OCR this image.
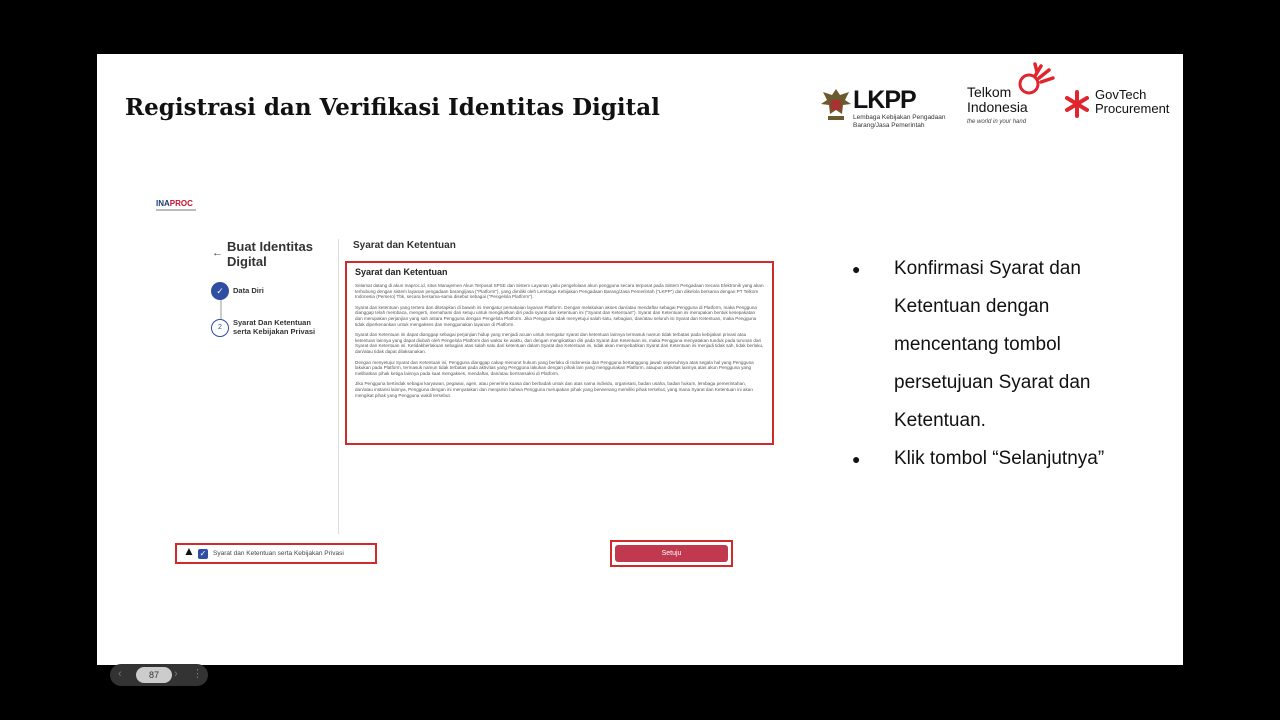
Registrasi dan Verifikasi Identitas Digital	LKPP
Lembaga Kebijakan Pengadaan Barang/Jasa Pemerintah
Telkom Indonesia
the world in your hand
GovTech Procurement
INAPROC
← Buat Identitas Digital
✓	Data Diri
2
Syarat Dan Ketentuan serta Kebijakan Privasi
Syarat dan Ketentuan
Syarat dan Ketentuan

Selamat datang di akun Inaproc.id, situs Manajemen Akun Terpusat SPSE dan Sistem Layanan yaitu pengelolaan akun pengguna secara terpusat pada Sistem Pengadaan Secara Elektronik yang akan terhubung dengan sistem layanan pengadaan barang/jasa ("Platform"), yang dimiliki oleh Lembaga Kebijakan Pengadaan Barang/Jasa Pemerintah ("LKPP") dan dikelola bersama dengan PT Telkom Indonesia (Persero) Tbk, secara bersama-sama disebut sebagai ("Pengelola Platform").

Syarat dan ketentuan yang tertera dan ditetapkan di bawah ini mengatur pemakaian layanan Platform. Dengan melakukan akses dan/atau mendaftar sebagai Pengguna di Platform, maka Pengguna dianggap telah membaca, mengerti, memahami dan setuju untuk mengikatkan diri pada syarat dan ketentuan ini ("Syarat dan Ketentuan"). Syarat dan Ketentuan ini merupakan bentuk kesepakatan dan merupakan perjanjian yang sah antara Pengguna dengan Pengelola Platform. Jika Pengguna tidak menyetujui salah satu, sebagian, dan/atau seluruh isi Syarat dan Ketentuan, maka Pengguna tidak diperkenankan untuk mengakses dan menggunakan layanan di Platform.

Syarat dan Ketentuan ini dapat dianggap sebagai perjanjian hidup yang menjadi acuan untuk mengatur syarat dan ketentuan lainnya termasuk namun tidak terbatas pada kebijakan privasi atau ketentuan lainnya yang dapat diubah oleh Pengelola Platform dari waktu ke waktu, dan dengan mengikatkan diri pada Syarat dan Ketentuan ini, maka Pengguna menyatakan tunduk pada turunan dari Syarat dan Ketentuan ini. Ketidakberlakuan sebagian atas salah satu dari ketentuan dalam Syarat dan Ketentuan ini, tidak akan menyebabkan Syarat dan Ketentuan ini menjadi tidak sah, tidak berlaku, dan/atau tidak dapat dilaksanakan.

Dengan menyetujui Syarat dan Ketentuan ini, Pengguna dianggap cakap menurut hukum yang berlaku di Indonesia dan Pengguna bertanggung jawab sepenuhnya atas segala hal yang Pengguna lakukan pada Platform, termasuk namun tidak terbatas pada aktivitas yang Pengguna lakukan dengan pihak lain yang menggunakan Platform, ataupun aktivitas lainnya atas akun Pengguna yang melibatkan pihak ketiga lainnya pada saat mengakses, mendaftar, dan/atau bertransaksi di Platform.

Jika Pengguna bertindak sebagai karyawan, pegawai, agen, atau penerima kuasa dari berbadak untuk dan atas nama individu, organisasi, badan usaha, badan hukum, lembaga pemerintahan, dan/atau instansi lainnya, Pengguna dengan ini menyatakan dan menjamin bahwa Pengguna merupakan pihak yang berwenang memiliki pihak tersebut, yang mana Syarat dan Ketentuan ini akan mengikat pihak yang Pengguna wakili tersebut.

✓ Syarat dan Ketentuan serta Kebijakan Privasi
▲	Setuju
● Konfirmasi Syarat dan Ketentuan dengan mencentang tombol persetujuan Syarat dan Ketentuan.
● Klik tombol “Selanjutnya”
‹	87	› ⋮
